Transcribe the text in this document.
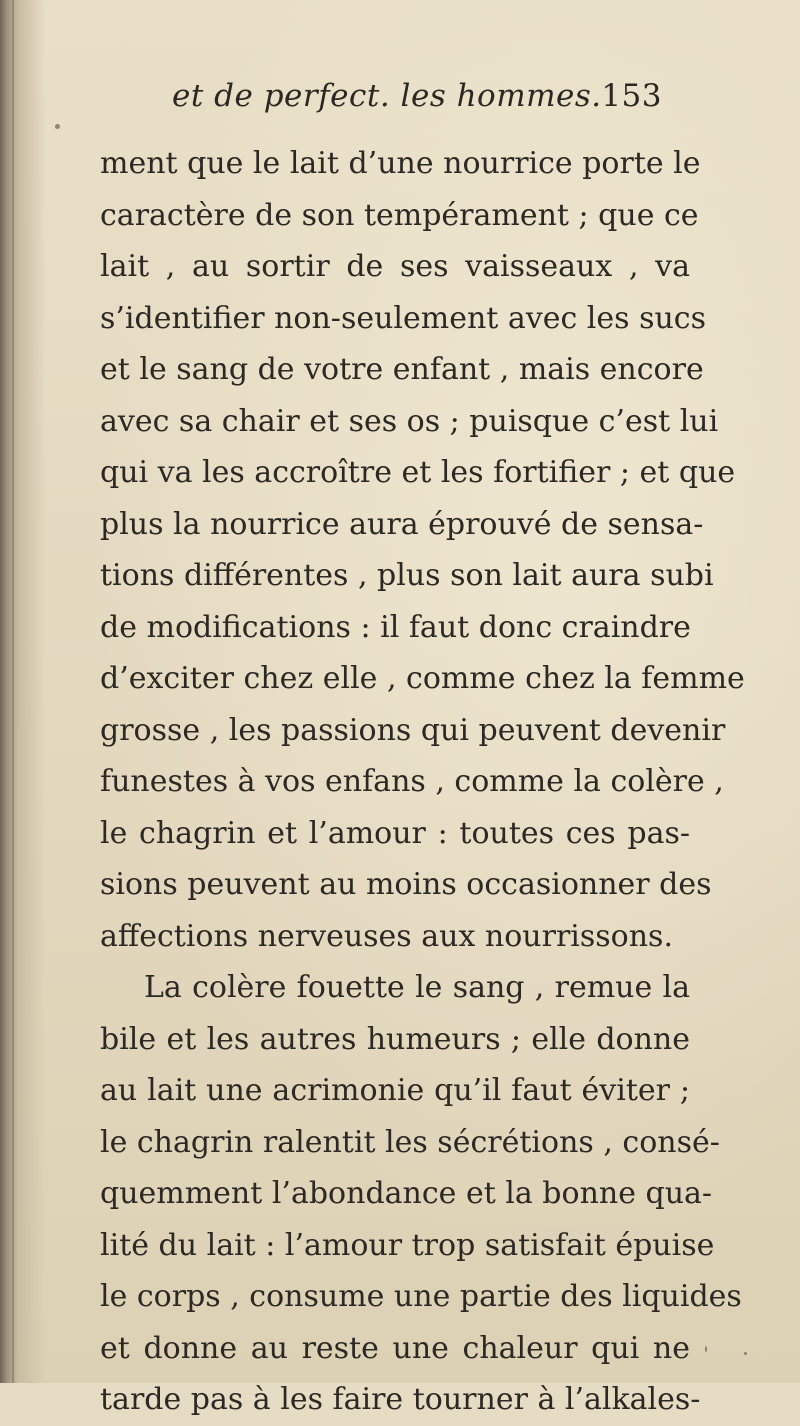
et de perfect. les hommes. 153
ment que le lait d’une nourrice porte le
caractère de son tempérament ; que ce
lait , au sortir de ses vaisseaux , va
s’identifier non-seulement avec les sucs
et le sang de votre enfant , mais encore
avec sa chair et ses os ; puisque c’est lui
qui va les accroître et les fortifier ; et que
plus la nourrice aura éprouvé de sensa-
tions différentes , plus son lait aura subi
de modifications : il faut donc craindre
d’exciter chez elle , comme chez la femme
grosse , les passions qui peuvent devenir
funestes à vos enfans , comme la colère ,
le chagrin et l’amour : toutes ces pas-
sions peuvent au moins occasionner des
affections nerveuses aux nourrissons.
La colère fouette le sang , remue la
bile et les autres humeurs ; elle donne
au lait une acrimonie qu’il faut éviter ;
le chagrin ralentit les sécrétions , consé-
quemment l’abondance et la bonne qua-
lité du lait : l’amour trop satisfait épuise
le corps , consume une partie des liquides
et donne au reste une chaleur qui ne
tarde pas à les faire tourner à l’alkales-
